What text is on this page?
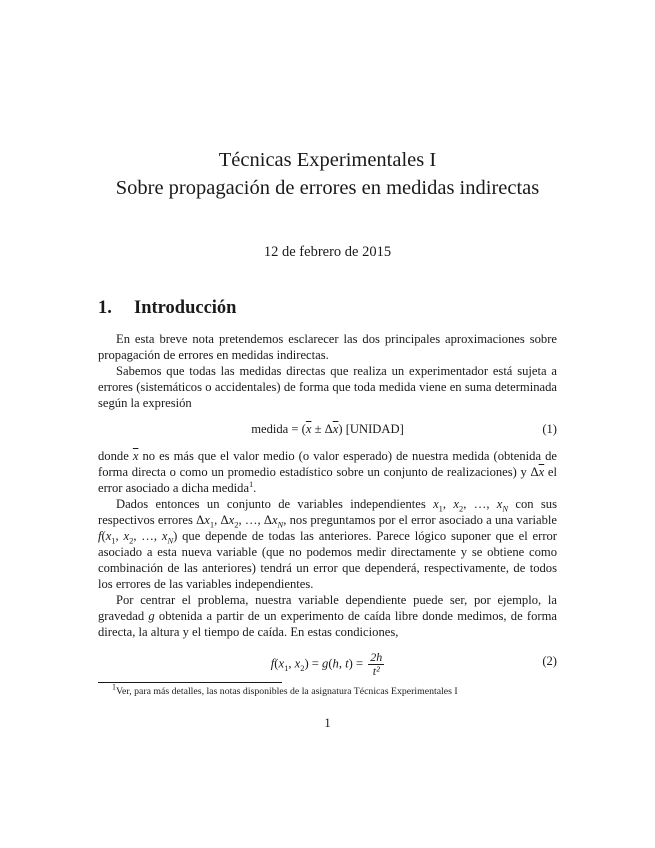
Técnicas Experimentales I
Sobre propagación de errores en medidas indirectas
12 de febrero de 2015
1. Introducción

En esta breve nota pretendemos esclarecer las dos principales aproximaciones sobre propagación de errores en medidas indirectas.

Sabemos que todas las medidas directas que realiza un experimentador está sujeta a errores (sistemáticos o accidentales) de forma que toda medida viene en suma determinada según la expresión

medida = $(\overline{x} \pm \Delta\overline{x})$ [UNIDAD]	(1)

donde $\overline{x}$ no es más que el valor medio (o valor esperado) de nuestra medida (obtenida de forma directa o como un promedio estadístico sobre un conjunto de realizaciones) y $\Delta\overline{x}$ el error asociado a dicha medida$^1$.

Dados entonces un conjunto de variables independientes $x_1$, $x_2$, …, $x_N$ con sus respectivos errores $\Delta x_1$, $\Delta x_2$, …, $\Delta x_N$, nos preguntamos por el error asociado a una variable $f(x_1$, $x_2$, …, $x_N$) que depende de todas las anteriores. Parece lógico suponer que el error asociado a esta nueva variable (que no podemos medir directamente y se obtiene como combinación de las anteriores) tendrá un error que dependerá, respectivamente, de todos los errores de las variables independientes.

Por centrar el problema, nuestra variable dependiente puede ser, por ejemplo, la gravedad g obtenida a partir de un experimento de caída libre donde medimos, de forma directa, la altura y el tiempo de caída. En estas condiciones,

$f(x_1$, $x_2) = g(h$, $t) = \frac{2h}{\text{t²}}$	(2)
$^1$Ver, para más detalles, las notas disponibles de la asignatura Técnicas Experimentales I
1
